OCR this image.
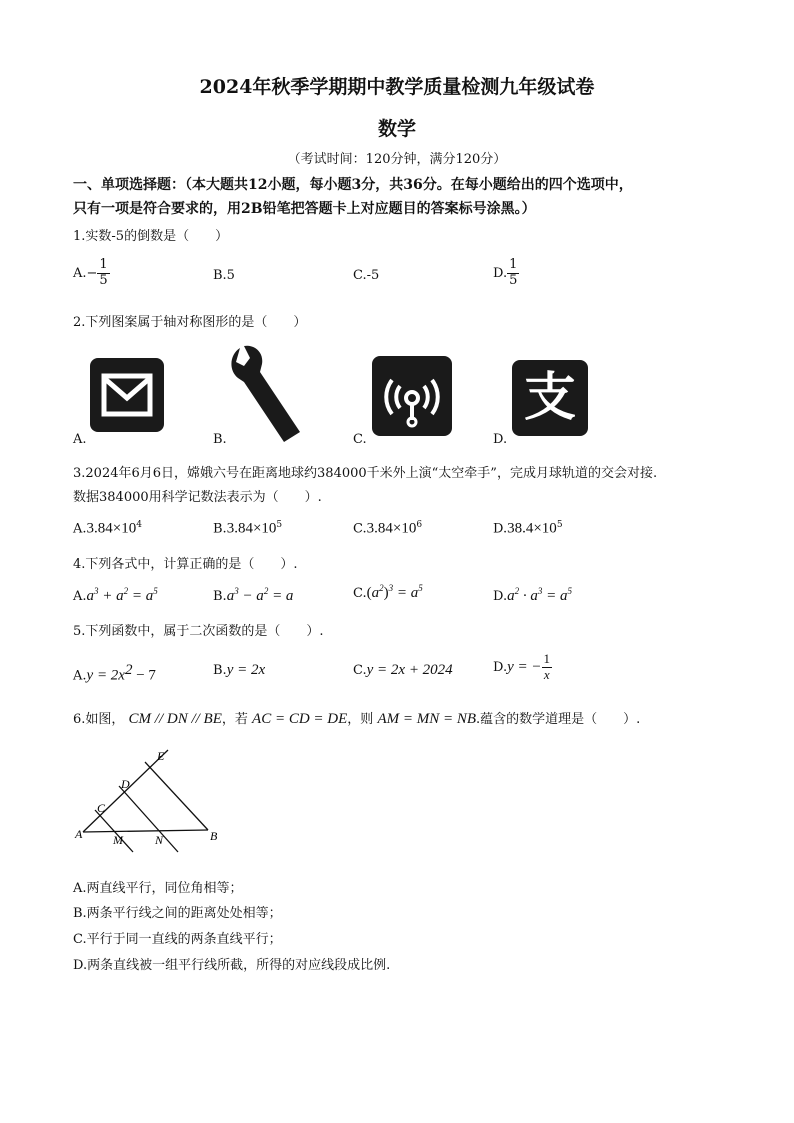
2024年秋季学期期中教学质量检测九年级试卷
数学
（考试时间：120分钟，满分120分）
一、单项选择题：（本大题共12小题，每小题3分，共36分。在每小题给出的四个选项中，
只有一项是符合要求的，用2B铅笔把答题卡上对应题目的答案标号涂黑。）
1.实数-5的倒数是（　　）
$A.- \frac{1}{5}$	B.5	C.-5	D. $\frac{1}{5}$
2.下列图案属于轴对称图形的是（　　）
A.	B.	C.
支
D.
3.2024年6月6日，嫦娥六号在距离地球约384000千米外上演“太空牵手”，完成月球轨道的交会对接.
数据384000用科学记数法表示为（　　）.
$A.3.84\times 10^4$	$B.3.84\times 10^5$	$C.3.84\times 10^6$	$D.38.4\times 10^5$
4.下列各式中，计算正确的是（　　）.
$A.a^3 + a^2 = a^5$	$B.a^3 - a^2 = a$	$C.(a^2)^3 = a^5$
$D.a^2 \cdot a^3 = a^5$
5.下列函数中，属于二次函数的是（　　）.
$A.y = 2x^2 - 7$	B.y = 2x	C.y = 2x + 2024	D.y = − $\frac{1}{x}$
6.如图， CM // DN // BE，若 AC = CD = DE，则 AM = MN = NB.蕴含的数学道理是（　　）.
A	B
C
D
E
M	N
A.两直线平行，同位角相等；
B.两条平行线之间的距离处处相等；
C.平行于同一直线的两条直线平行；
D.两条直线被一组平行线所截，所得的对应线段成比例.
